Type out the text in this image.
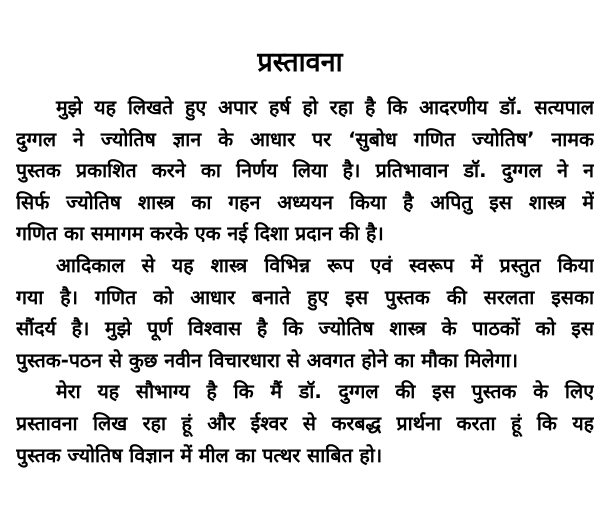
प्रस्तावना

मुझे यह लिखते हुए अपार हर्ष हो रहा है कि आदरणीय डॉ. सत्यपाल
दुग्गल ने ज्योतिष ज्ञान के आधार पर ‘सुबोध गणित ज्योतिष’ नामक
पुस्तक प्रकाशित करने का निर्णय लिया है। प्रतिभावान डॉ. दुग्गल ने न
सिर्फ ज्योतिष शास्त्र का गहन अध्ययन किया है अपितु इस शास्त्र में
गणित का समागम करके एक नई दिशा प्रदान की है।

आदिकाल से यह शास्त्र विभिन्न रूप एवं स्वरूप में प्रस्तुत किया
गया है। गणित को आधार बनाते हुए इस पुस्तक की सरलता इसका
सौंदर्य है। मुझे पूर्ण विश्वास है कि ज्योतिष शास्त्र के पाठकों को इस
पुस्तक-पठन से कुछ नवीन विचारधारा से अवगत होने का मौका मिलेगा।

मेरा यह सौभाग्य है कि मैं डॉ. दुग्गल की इस पुस्तक के लिए
प्रस्तावना लिख रहा हूं और ईश्वर से करबद्ध प्रार्थना करता हूं कि यह
पुस्तक ज्योतिष विज्ञान में मील का पत्थर साबित हो।
